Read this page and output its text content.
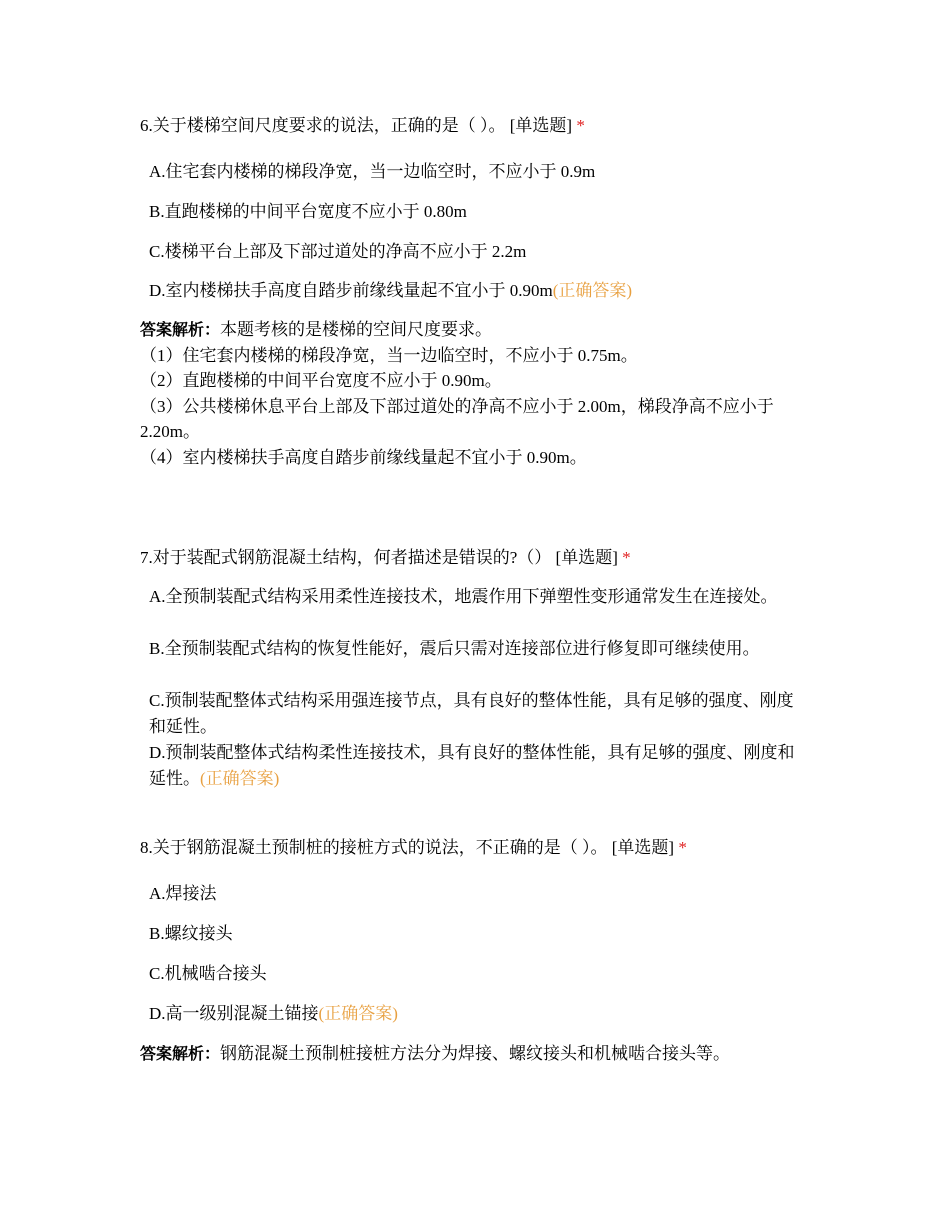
6.关于楼梯空间尺度要求的说法，正确的是（ ）。 [单选题] *
A.住宅套内楼梯的梯段净宽，当一边临空时，不应小于 0.9m
B.直跑楼梯的中间平台宽度不应小于 0.80m
C.楼梯平台上部及下部过道处的净高不应小于 2.2m
D.室内楼梯扶手高度自踏步前缘线量起不宜小于 0.90m(正确答案)
答案解析：本题考核的是楼梯的空间尺度要求。
（1）住宅套内楼梯的梯段净宽，当一边临空时，不应小于 0.75m。
（2）直跑楼梯的中间平台宽度不应小于 0.90m。
（3）公共楼梯休息平台上部及下部过道处的净高不应小于 2.00m，梯段净高不应小于 2.20m。
（4）室内楼梯扶手高度自踏步前缘线量起不宜小于 0.90m。
7.对于装配式钢筋混凝土结构，何者描述是错误的?（） [单选题] *
A.全预制装配式结构采用柔性连接技术，地震作用下弹塑性变形通常发生在连接处。
B.全预制装配式结构的恢复性能好，震后只需对连接部位进行修复即可继续使用。
C.预制装配整体式结构采用强连接节点，具有良好的整体性能，具有足够的强度、刚度和延性。
D.预制装配整体式结构柔性连接技术，具有良好的整体性能，具有足够的强度、刚度和延性。(正确答案)
8.关于钢筋混凝土预制桩的接桩方式的说法，不正确的是（ ）。 [单选题] *
A.焊接法
B.螺纹接头
C.机械啮合接头
D.高一级别混凝土锚接(正确答案)
答案解析：钢筋混凝土预制桩接桩方法分为焊接、螺纹接头和机械啮合接头等。
